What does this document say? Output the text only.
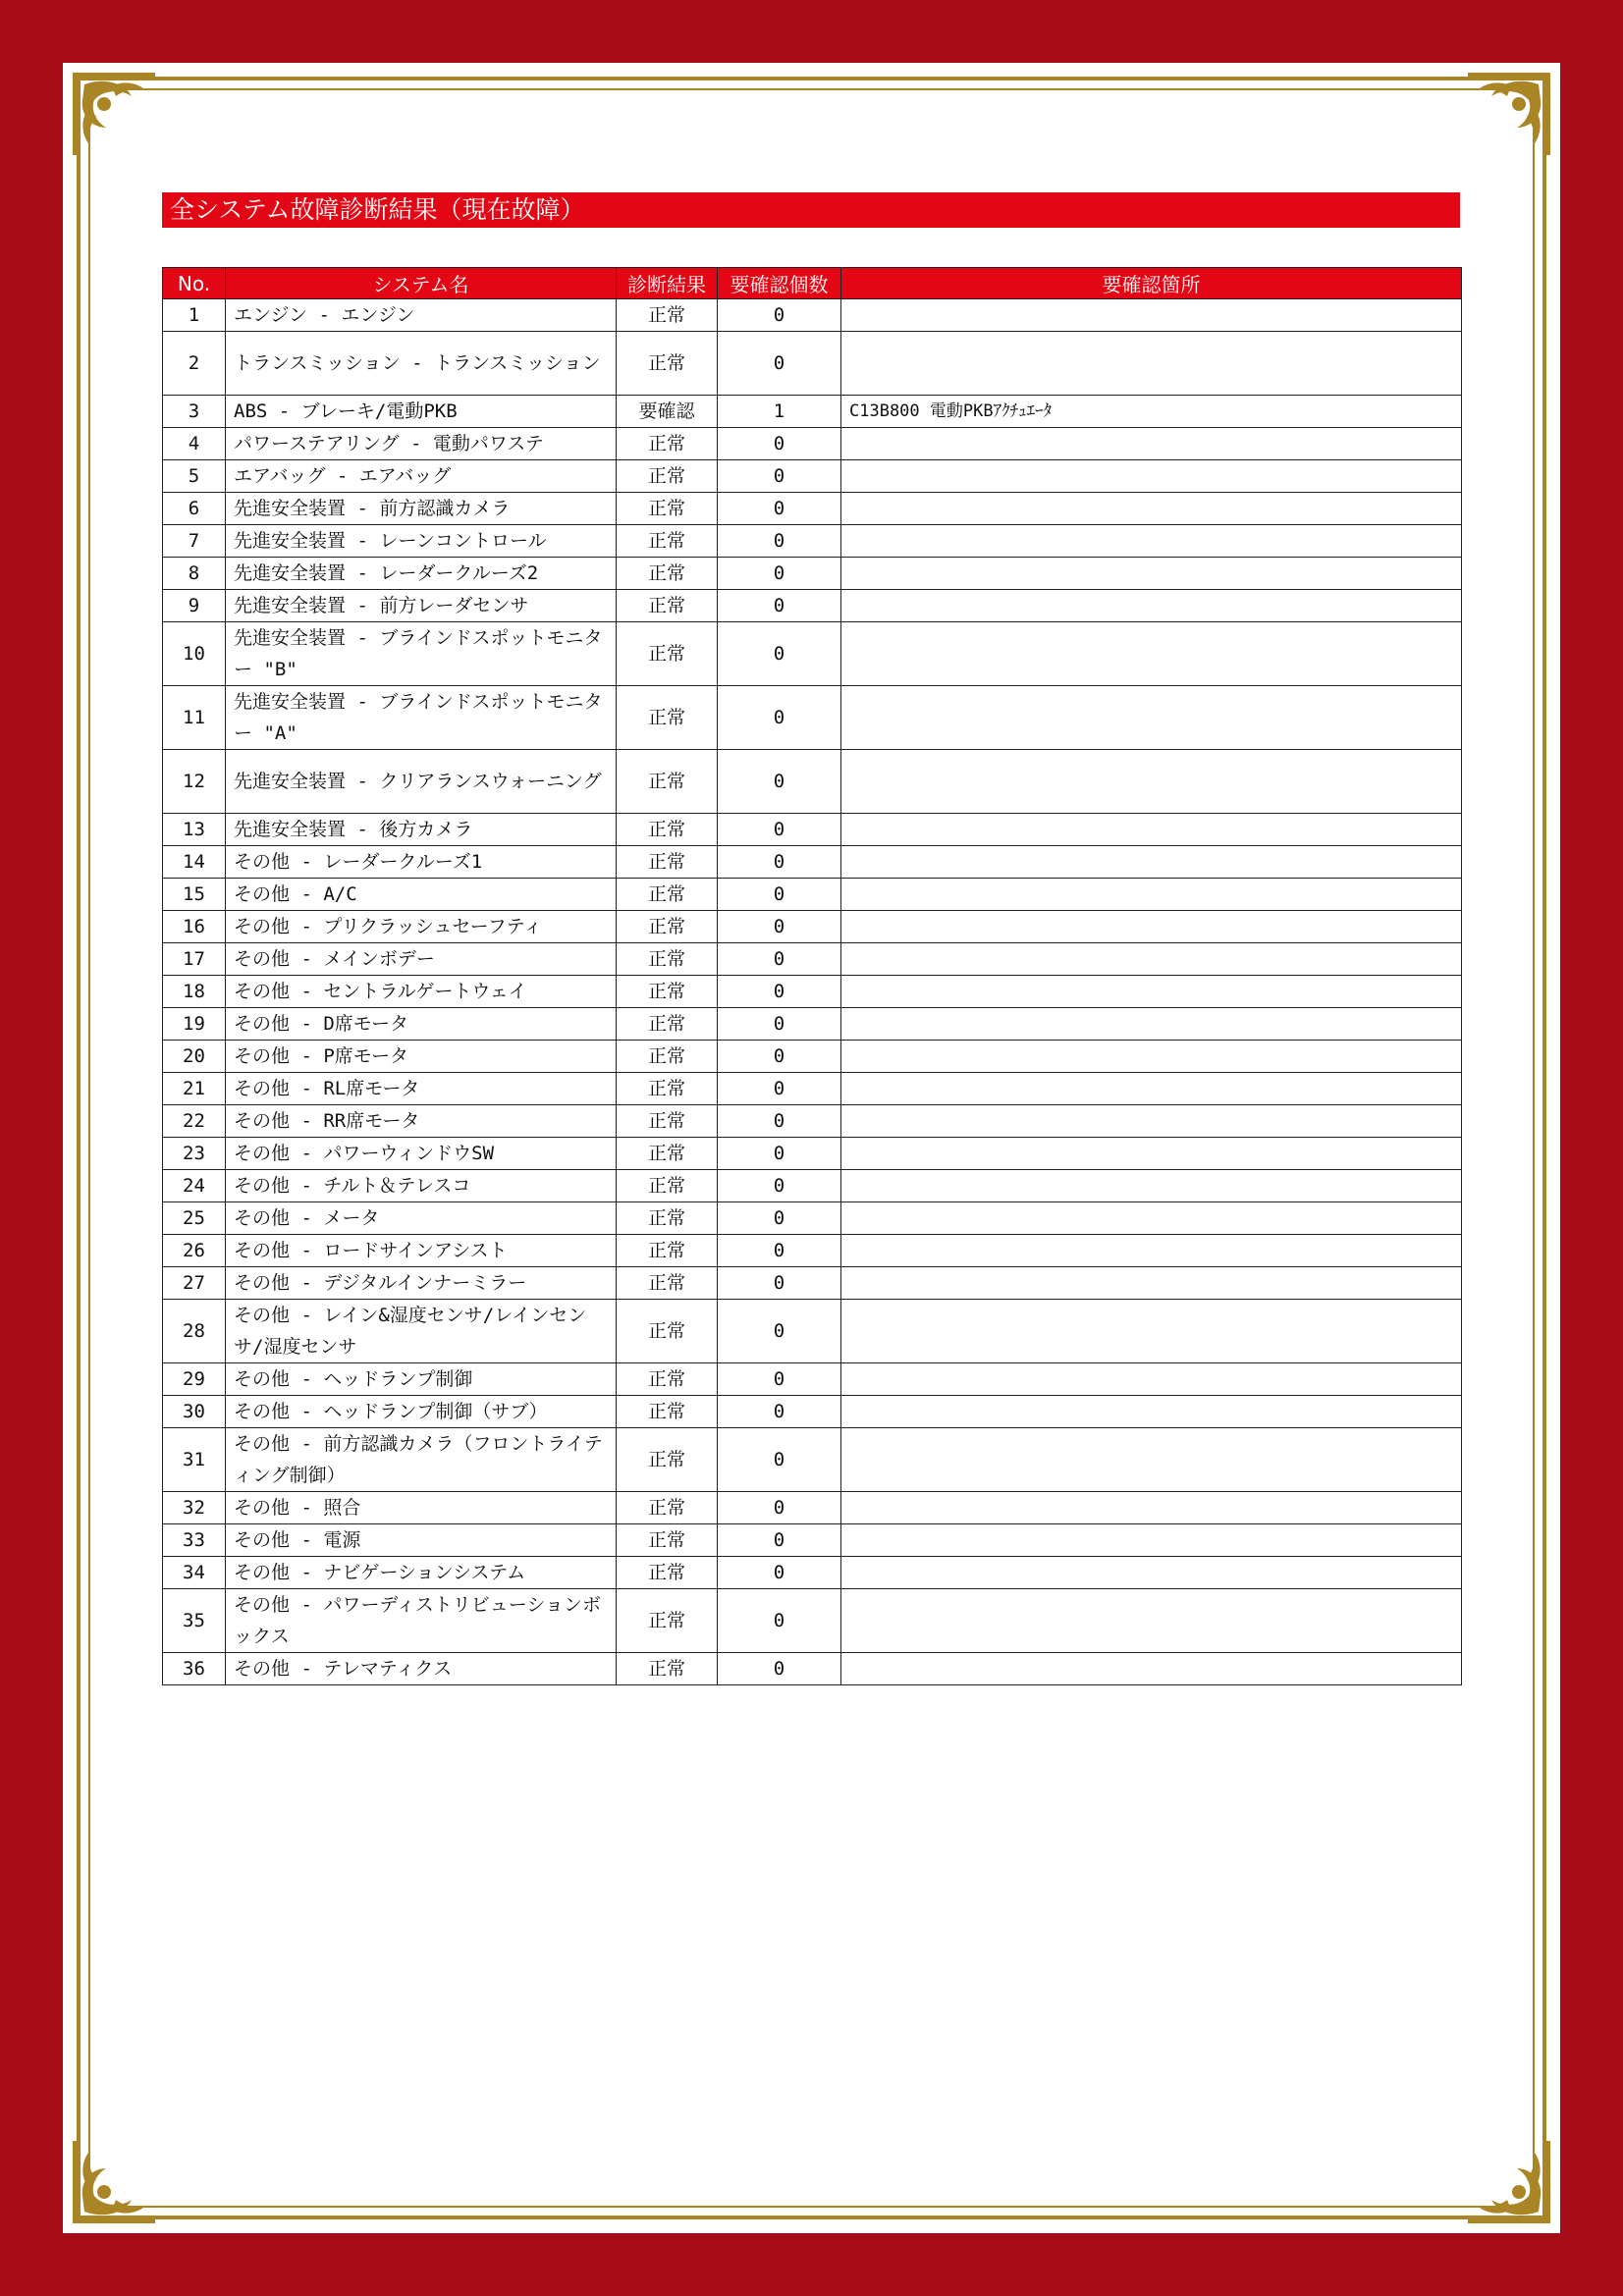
全システム故障診断結果（現在故障）
No.	システム名	診断結果	要確認個数	要確認箇所
1	エンジン - エンジン	正常	0	
2	トランスミッション - トランスミッション	正常	0	
3	ABS - ブレーキ/電動PKB	要確認	1	C13B800 電動PKBｱｸﾁｭｴｰﾀ
4	パワーステアリング - 電動パワステ	正常	0	
5	エアバッグ - エアバッグ	正常	0	
6	先進安全装置 - 前方認識カメラ	正常	0	
7	先進安全装置 - レーンコントロール	正常	0	
8	先進安全装置 - レーダークルーズ2	正常	0	
9	先進安全装置 - 前方レーダセンサ	正常	0	
10	先進安全装置 - ブラインドスポットモニター "B"	正常	0	
11	先進安全装置 - ブラインドスポットモニター "A"	正常	0	
12	先進安全装置 - クリアランスウォーニング	正常	0	
13	先進安全装置 - 後方カメラ	正常	0	
14	その他 - レーダークルーズ1	正常	0	
15	その他 - A/C	正常	0	
16	その他 - プリクラッシュセーフティ	正常	0	
17	その他 - メインボデー	正常	0	
18	その他 - セントラルゲートウェイ	正常	0	
19	その他 - D席モータ	正常	0	
20	その他 - P席モータ	正常	0	
21	その他 - RL席モータ	正常	0	
22	その他 - RR席モータ	正常	0	
23	その他 - パワーウィンドウSW	正常	0	
24	その他 - チルト＆テレスコ	正常	0	
25	その他 - メータ	正常	0	
26	その他 - ロードサインアシスト	正常	0	
27	その他 - デジタルインナーミラー	正常	0	
28	その他 - レイン&湿度センサ/レインセンサ/湿度センサ	正常	0	
29	その他 - ヘッドランプ制御	正常	0	
30	その他 - ヘッドランプ制御（サブ）	正常	0	
31	その他 - 前方認識カメラ（フロントライティング制御）	正常	0	
32	その他 - 照合	正常	0	
33	その他 - 電源	正常	0	
34	その他 - ナビゲーションシステム	正常	0	
35	その他 - パワーディストリビューションボックス	正常	0	
36	その他 - テレマティクス	正常	0	
